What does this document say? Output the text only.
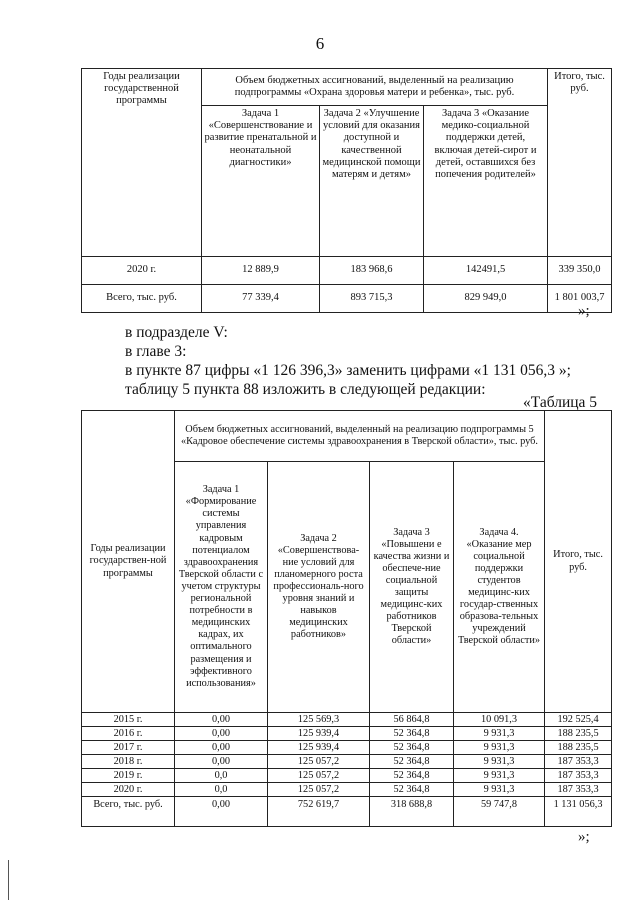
6
Годы реализации государственной программы	Объем бюджетных ассигнований, выделенный на реализацию подпрограммы «Охрана здоровья матери и ребенка», тыс. руб.			Итого, тыс. руб.
	Задача 1 «Совершенствование и развитие пренатальной и неонатальной диагностики»	Задача 2 «Улучшение условий для оказания доступной и качественной медицинской помощи матерям и детям»	Задача 3 «Оказание медико-социальной поддержки детей, включая детей-сирот и детей, оставшихся без попечения родителей»	
2020 г.	12 889,9	183 968,6	142491,5	339 350,0
Всего, тыс. руб.	77 339,4	893 715,3	829 949,0	1 801 003,7
»;
в подразделе V:
в главе 3:
в пункте 87 цифры «1 126 396,3» заменить цифрами «1 131 056,3 »;
таблицу 5 пункта 88 изложить в следующей редакции:
«Таблица 5
Годы реализации государствен-ной программы	Объем бюджетных ассигнований, выделенный на реализацию подпрограммы 5 «Кадровое обеспечение системы здравоохранения в Тверской области», тыс. руб.				Итого, тыс. руб.
	Задача 1 «Формирование системы управления кадровым потенциалом здравоохранения Тверской области с учетом структуры региональной потребности в медицинских кадрах, их оптимального размещения и эффективного использования»	Задача 2 «Совершенствова-ние условий для планомерного роста профессиональ-ного уровня знаний и навыков медицинских работников»	Задача 3 «Повышени е качества жизни и обеспече-ние социальной защиты медицинс-ких работников Тверской области»	Задача 4. «Оказание мер социальной поддержки студентов медицинс-ких государ-ственных образова-тельных учреждений Тверской области»	
2015 г.	0,00	125 569,3	56 864,8	10 091,3	192 525,4
2016 г.	0,00	125 939,4	52 364,8	9 931,3	188 235,5
2017 г.	0,00	125 939,4	52 364,8	9 931,3	188 235,5
2018 г.	0,00	125 057,2	52 364,8	9 931,3	187 353,3
2019 г.	0,0	125 057,2	52 364,8	9 931,3	187 353,3
2020 г.	0,0	125 057,2	52 364,8	9 931,3	187 353,3
Всего, тыс. руб.	0,00	752 619,7	318 688,8	59 747,8	1 131 056,3
»;
